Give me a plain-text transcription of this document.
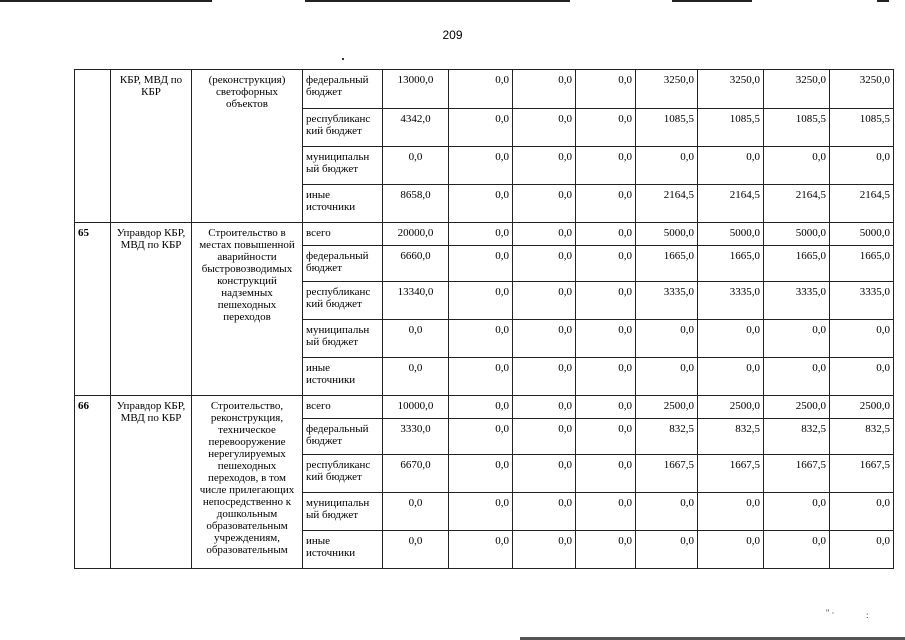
209
	КБР, МВД по КБР	(реконструкция) светофорных объектов	федеральный бюджет	13000,0	0,0	0,0	0,0	3250,0	3250,0	3250,0	3250,0
			республиканс кий бюджет	4342,0	0,0	0,0	0,0	1085,5	1085,5	1085,5	1085,5
			муниципальн ый бюджет	0,0	0,0	0,0	0,0	0,0	0,0	0,0	0,0
			иные источники	8658,0	0,0	0,0	0,0	2164,5	2164,5	2164,5	2164,5
65	Управдор КБР, МВД по КБР	Строительство в местах повышенной аварийности быстровозводимых конструкций надземных пешеходных переходов	всего	20000,0	0,0	0,0	0,0	5000,0	5000,0	5000,0	5000,0
			федеральный бюджет	6660,0	0,0	0,0	0,0	1665,0	1665,0	1665,0	1665,0
			республиканс кий бюджет	13340,0	0,0	0,0	0,0	3335,0	3335,0	3335,0	3335,0
			муниципальн ый бюджет	0,0	0,0	0,0	0,0	0,0	0,0	0,0	0,0
			иные источники	0,0	0,0	0,0	0,0	0,0	0,0	0,0	0,0
66	Управдор КБР, МВД по КБР	Строительство, реконструкция, техническое перевооружение нерегулируемых пешеходных переходов, в том числе прилегающих непосредственно к дошкольным образовательным учреждениям, образовательным	всего	10000,0	0,0	0,0	0,0	2500,0	2500,0	2500,0	2500,0
			федеральный бюджет	3330,0	0,0	0,0	0,0	832,5	832,5	832,5	832,5
			республиканс кий бюджет	6670,0	0,0	0,0	0,0	1667,5	1667,5	1667,5	1667,5
			муниципальн ый бюджет	0,0	0,0	0,0	0,0	0,0	0,0	0,0	0,0
			иные источники	0,0	0,0	0,0	0,0	0,0	0,0	0,0	0,0
'' ·	:
